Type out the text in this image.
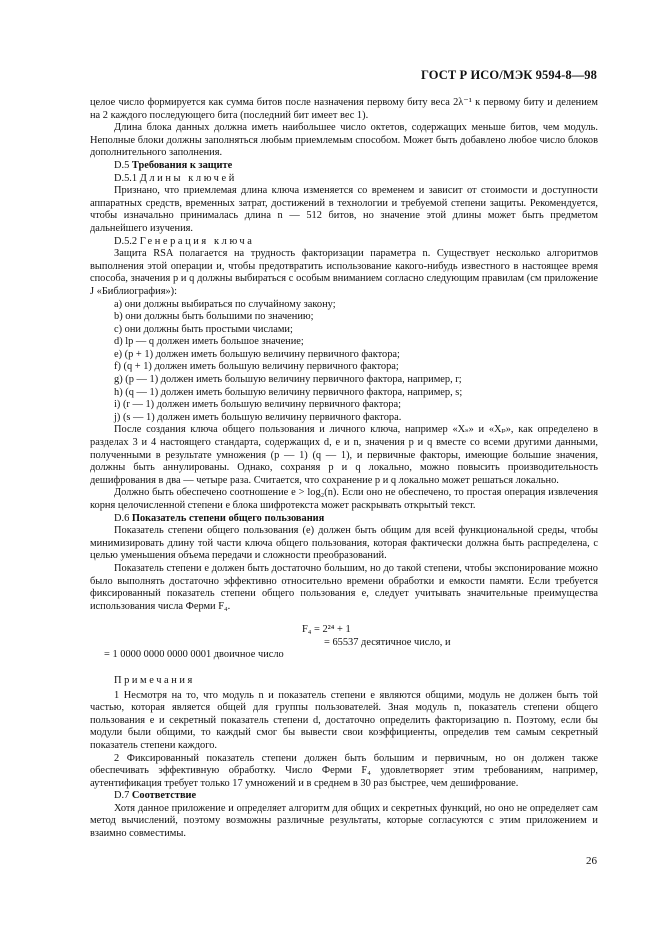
ГОСТ Р ИСО/МЭК 9594-8—98

целое число формируется как сумма битов после назначения первому биту веса 2λ⁻¹ к первому биту и делением на 2 каждого последующего бита (последний бит имеет вес 1).

Длина блока данных должна иметь наибольшее число октетов, содержащих меньше битов, чем модуль. Неполные блоки должны заполняться любым приемлемым способом. Может быть добавлено любое число блоков дополнительного заполнения.

D.5 Требования к защите

D.5.1 Длины ключей

Признано, что приемлемая длина ключа изменяется со временем и зависит от стоимости и доступности аппаратных средств, временных затрат, достижений в технологии и требуемой степени защиты. Рекомендуется, чтобы изначально принималась длина n — 512 битов, но значение этой длины может быть предметом дальнейшего изучения.

D.5.2 Генерация ключа

Защита RSA полагается на трудность факторизации параметра n. Существует несколько алгоритмов выполнения этой операции и, чтобы предотвратить использование какого-нибудь известного в настоящее время способа, значения p и q должны выбираться с особым вниманием согласно следующим правилам (см приложение J «Библиография»):

a) они должны выбираться по случайному закону;

b) они должны быть большими по значению;

c) они должны быть простыми числами;

d) lp — q должен иметь большое значение;

e) (p + 1) должен иметь большую величину первичного фактора;

f) (q + 1) должен иметь большую величину первичного фактора;

g) (p — 1) должен иметь большую величину первичного фактора, например, r;

h) (q — 1) должен иметь большую величину первичного фактора, например, s;

i) (r — 1) должен иметь большую величину первичного фактора;

j) (s — 1) должен иметь большую величину первичного фактора.

После создания ключа общего пользования и личного ключа, например «Xₛ» и «Xₚ», как определено в разделах 3 и 4 настоящего стандарта, содержащих d, e и n, значения p и q вместе со всеми другими данными, полученными в результате умножения (p — 1) (q — 1), и первичные факторы, имеющие большие значения, должны быть аннулированы. Однако, сохраняя p и q локально, можно повысить производительность дешифрования в два — четыре раза. Считается, что сохранение p и q локально может решаться локально.

Должно быть обеспечено соотношение e > log₂(n). Если оно не обеспечено, то простая операция извлечения корня целочисленной степени e блока шифротекста может раскрывать открытый текст.

D.6 Показатель степени общего пользования

Показатель степени общего пользования (e) должен быть общим для всей функциональной среды, чтобы минимизировать длину той части ключа общего пользования, которая фактически должна быть распределена, с целью уменьшения объема передачи и сложности преобразований.

Показатель степени e должен быть достаточно большим, но до такой степени, чтобы экспонирование можно было выполнять достаточно эффективно относительно времени обработки и емкости памяти. Если требуется фиксированный показатель степени общего пользования e, следует учитывать значительные преимущества использования числа Ферми F₄.

F₄ = 2²⁴ + 1
= 65537 десятичное число, и
= 1 0000 0000 0000 0001 двоичное число

Примечания

1 Несмотря на то, что модуль n и показатель степени e являются общими, модуль не должен быть той частью, которая является общей для группы пользователей. Зная модуль n, показатель степени общего пользования e и секретный показатель степени d, достаточно определить факторизацию n. Поэтому, если бы модули были общими, то каждый смог бы вывести свои коэффициенты, определив тем самым секретный показатель степени каждого.

2 Фиксированный показатель степени должен быть большим и первичным, но он должен также обеспечивать эффективную обработку. Число Ферми F₄ удовлетворяет этим требованиям, например, аутентификация требует только 17 умножений и в среднем в 30 раз быстрее, чем дешифрование.

D.7 Соответствие

Хотя данное приложение и определяет алгоритм для общих и секретных функций, но оно не определяет сам метод вычислений, поэтому возможны различные результаты, которые согласуются с этим приложением и взаимно совместимы.

26
